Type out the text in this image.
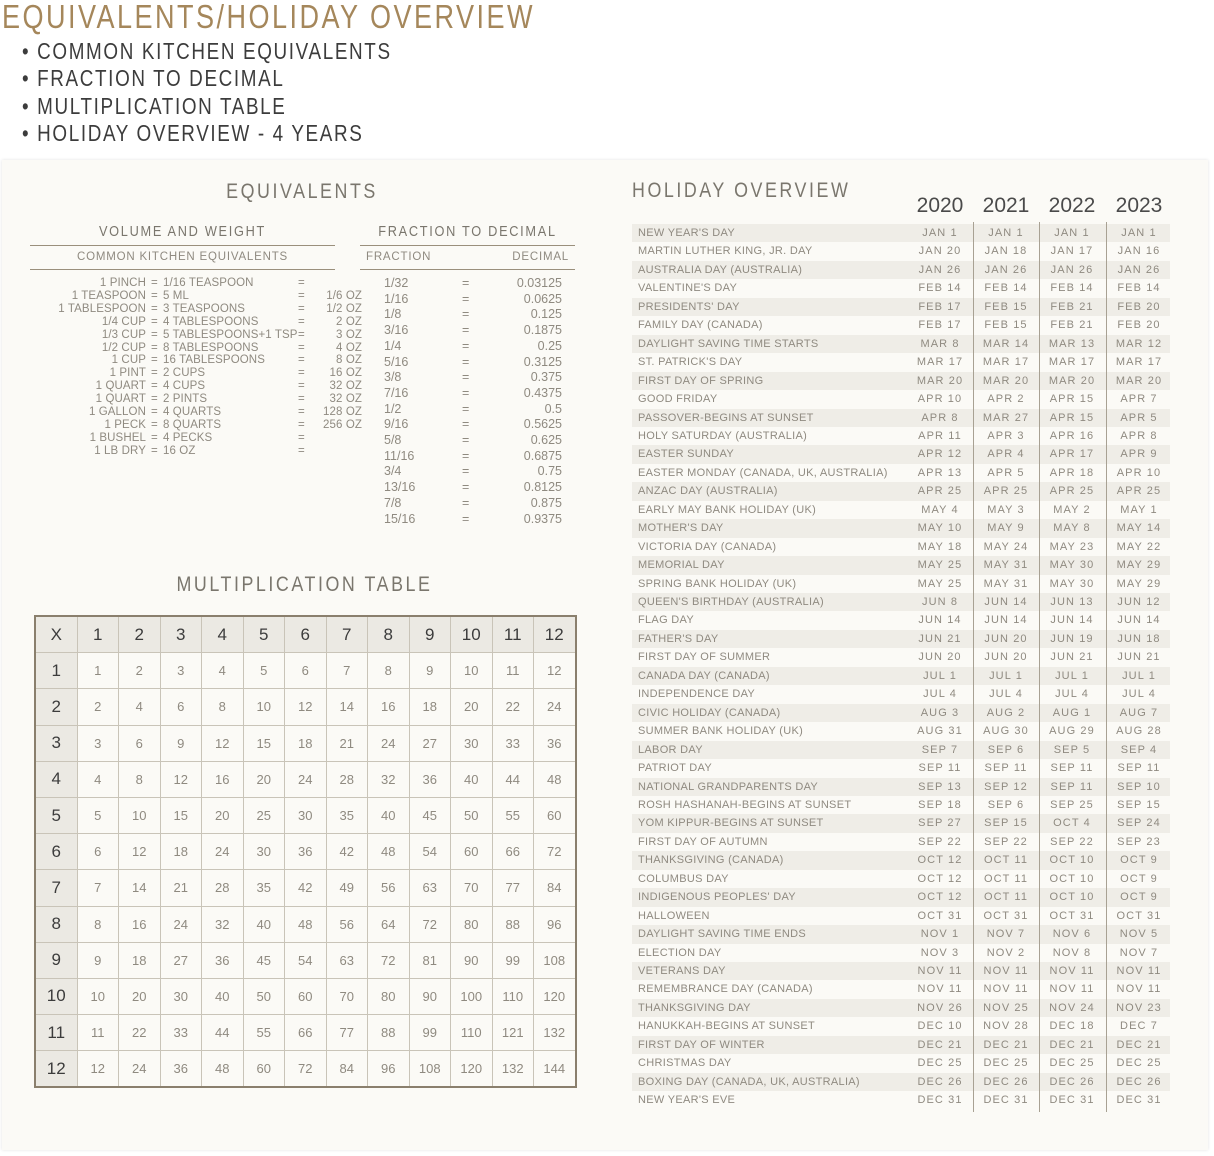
EQUIVALENTS/HOLIDAY OVERVIEW
• COMMON KITCHEN EQUIVALENTS
• FRACTION TO DECIMAL
• MULTIPLICATION TABLE
• HOLIDAY OVERVIEW - 4 YEARS
EQUIVALENTS
VOLUME AND WEIGHT
COMMON KITCHEN EQUIVALENTS
1 PINCH = 1/16 TEASPOON	=
1 TEASPOON = 5 ML	=	1/6 OZ
1 TABLESPOON = 3 TEASPOONS	=	1/2 OZ
1/4 CUP = 4 TABLESPOONS	=	2 OZ
1/3 CUP = 5 TABLESPOONS+1 TSP =	3 OZ
1/2 CUP = 8 TABLESPOONS	=	4 OZ
1 CUP = 16 TABLESPOONS	=	8 OZ
1 PINT = 2 CUPS	=	16 OZ
1 QUART = 4 CUPS	=	32 OZ
1 QUART = 2 PINTS	=	32 OZ
1 GALLON = 4 QUARTS	=	128 OZ
1 PECK = 8 QUARTS	=	256 OZ
1 BUSHEL = 4 PECKS	=
1 LB DRY = 16 OZ	=
FRACTION TO DECIMAL
FRACTION	DECIMAL
1/32	=	0.03125
1/16	=	0.0625
1/8	=	0.125
3/16	=	0.1875
1/4	=	0.25
5/16	=	0.3125
3/8	=	0.375
7/16	=	0.4375
1/2	=	0.5
9/16	=	0.5625
5/8	=	0.625
11/16	=	0.6875
3/4	=	0.75
13/16	=	0.8125
7/8	=	0.875
15/16	=	0.9375
MULTIPLICATION TABLE
X	1	2	3	4	5	6	7	8	9	10	11	12
1	1	2	3	4	5	6	7	8	9	10	11	12
2	2	4	6	8	10	12	14	16	18	20	22	24
3	3	6	9	12	15	18	21	24	27	30	33	36
4	4	8	12	16	20	24	28	32	36	40	44	48
5	5	10	15	20	25	30	35	40	45	50	55	60
6	6	12	18	24	30	36	42	48	54	60	66	72
7	7	14	21	28	35	42	49	56	63	70	77	84
8	8	16	24	32	40	48	56	64	72	80	88	96
9	9	18	27	36	45	54	63	72	81	90	99	108
10	10	20	30	40	50	60	70	80	90	100	110	120
11	11	22	33	44	55	66	77	88	99	110	121	132
12	12	24	36	48	60	72	84	96	108	120	132	144
HOLIDAY OVERVIEW
2020 2021 2022 2023
NEW YEAR'S DAY	JAN 1	JAN 1	JAN 1	JAN 1
MARTIN LUTHER KING, JR. DAY	JAN 20	JAN 18	JAN 17	JAN 16
AUSTRALIA DAY (AUSTRALIA)	JAN 26	JAN 26	JAN 26	JAN 26
VALENTINE'S DAY	FEB 14	FEB 14	FEB 14	FEB 14
PRESIDENTS' DAY	FEB 17	FEB 15	FEB 21	FEB 20
FAMILY DAY (CANADA)	FEB 17	FEB 15	FEB 21	FEB 20
DAYLIGHT SAVING TIME STARTS	MAR 8	MAR 14	MAR 13	MAR 12
ST. PATRICK'S DAY	MAR 17	MAR 17	MAR 17	MAR 17
FIRST DAY OF SPRING	MAR 20	MAR 20	MAR 20	MAR 20
GOOD FRIDAY	APR 10	APR 2	APR 15	APR 7
PASSOVER-BEGINS AT SUNSET	APR 8	MAR 27	APR 15	APR 5
HOLY SATURDAY (AUSTRALIA)	APR 11	APR 3	APR 16	APR 8
EASTER SUNDAY	APR 12	APR 4	APR 17	APR 9
EASTER MONDAY (CANADA, UK, AUSTRALIA)	APR 13	APR 5	APR 18	APR 10
ANZAC DAY (AUSTRALIA)	APR 25	APR 25	APR 25	APR 25
EARLY MAY BANK HOLIDAY (UK)	MAY 4	MAY 3	MAY 2	MAY 1
MOTHER'S DAY	MAY 10	MAY 9	MAY 8	MAY 14
VICTORIA DAY (CANADA)	MAY 18	MAY 24	MAY 23	MAY 22
MEMORIAL DAY	MAY 25	MAY 31	MAY 30	MAY 29
SPRING BANK HOLIDAY (UK)	MAY 25	MAY 31	MAY 30	MAY 29
QUEEN'S BIRTHDAY (AUSTRALIA)	JUN 8	JUN 14	JUN 13	JUN 12
FLAG DAY	JUN 14	JUN 14	JUN 14	JUN 14
FATHER'S DAY	JUN 21	JUN 20	JUN 19	JUN 18
FIRST DAY OF SUMMER	JUN 20	JUN 20	JUN 21	JUN 21
CANADA DAY (CANADA)	JUL 1	JUL 1	JUL 1	JUL 1
INDEPENDENCE DAY	JUL 4	JUL 4	JUL 4	JUL 4
CIVIC HOLIDAY (CANADA)	AUG 3	AUG 2	AUG 1	AUG 7
SUMMER BANK HOLIDAY (UK)	AUG 31	AUG 30	AUG 29	AUG 28
LABOR DAY	SEP 7	SEP 6	SEP 5	SEP 4
PATRIOT DAY	SEP 11	SEP 11	SEP 11	SEP 11
NATIONAL GRANDPARENTS DAY	SEP 13	SEP 12	SEP 11	SEP 10
ROSH HASHANAH-BEGINS AT SUNSET	SEP 18	SEP 6	SEP 25	SEP 15
YOM KIPPUR-BEGINS AT SUNSET	SEP 27	SEP 15	OCT 4	SEP 24
FIRST DAY OF AUTUMN	SEP 22	SEP 22	SEP 22	SEP 23
THANKSGIVING (CANADA)	OCT 12	OCT 11	OCT 10	OCT 9
COLUMBUS DAY	OCT 12	OCT 11	OCT 10	OCT 9
INDIGENOUS PEOPLES' DAY	OCT 12	OCT 11	OCT 10	OCT 9
HALLOWEEN	OCT 31	OCT 31	OCT 31	OCT 31
DAYLIGHT SAVING TIME ENDS	NOV 1	NOV 7	NOV 6	NOV 5
ELECTION DAY	NOV 3	NOV 2	NOV 8	NOV 7
VETERANS DAY	NOV 11	NOV 11	NOV 11	NOV 11
REMEMBRANCE DAY (CANADA)	NOV 11	NOV 11	NOV 11	NOV 11
THANKSGIVING DAY	NOV 26	NOV 25	NOV 24	NOV 23
HANUKKAH-BEGINS AT SUNSET	DEC 10	NOV 28	DEC 18	DEC 7
FIRST DAY OF WINTER	DEC 21	DEC 21	DEC 21	DEC 21
CHRISTMAS DAY	DEC 25	DEC 25	DEC 25	DEC 25
BOXING DAY (CANADA, UK, AUSTRALIA)	DEC 26	DEC 26	DEC 26	DEC 26
NEW YEAR'S EVE	DEC 31	DEC 31	DEC 31	DEC 31
